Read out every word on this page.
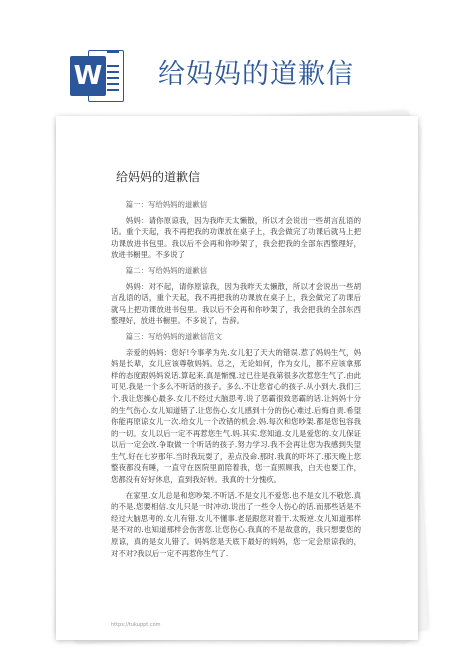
W 给妈妈的道歉信
给妈妈的道歉信

篇一：写给妈妈的道歉信

妈妈：请你原谅我，因为我昨天太懒散，所以才会说出一些胡言乱语的话。重个天起，我不再把我的功课放在桌子上，我会做完了功课后就马上把功课放进书包里。我以后不会再和你吵架了，我会把我的全部东西整理好，放进书橱里。不多说了

篇二：写给妈妈的道歉信

妈妈：对不起，请你原谅我，因为我昨天太懒散，所以才会说出一些胡言乱语的话，重个天起，我不再把我的功课放在桌子上，我会做完了功课后就马上把功课放进书包里。我以后不会再和你吵架了，我会把我的全部东西整理好，放进书橱里。不多说了，告辞。

篇三：写给妈妈的道歉信范文

亲爱的妈妈：您好!今事孝为先.女儿犯了天大的错误.惹了妈妈生气，妈妈是长辈，女儿应该尊敬妈妈。总之，无论如何，作为女儿，都不应该拿那样的态度跟妈妈说话.算起来.真是惭愧.过已往是我第很多次惹您生气了.由此可见.我是一个多么不听话的孩子。多么.不让您省心的孩子.从小到大.我们三个.我让您操心最多.女儿不经过大脑思考.说了恶霸很致恶霸的话.让妈妈十分的生气伤心.女儿知道错了.让您伤心.女儿感到十分的伤心难过.后悔自责.希望你能再原谅女儿一次.给女儿一个改错的机会.妈.每次和您吵架.都是您包容我的一切。女儿以后一定不再惹您生气.妈.其实.您知道.女儿是爱您的.女儿保证以后一定会改.争取做一个听话的孩子.努力学习.我不会再让您为我感到失望生气.好在七岁那年.当时我玩耍了，差点没命.那时.我真的吓坏了.那天晚上您整夜都没有睡，一直守在医院里面陪着我，您一直照顾我，白天也要工作，您都没有好好休息，直到我好转。我真的十分愧疚。

在家里.女儿总是和您吵架.不听话.不是女儿不爱您.也不是女儿不敬您.真的不是.您要相信.女儿只是一时冲动.说出了一些令人伤心的话.而那些话是不经过大脑思考的.女儿有错.女儿不懂事.老是跟您对着干.太叛逆.女儿知道那样是不对的.也知道那样会伤害您.让您伤心.我真的不是故意的，我只想要您的原谅，真的是女儿错了。妈妈您是天底下最好的妈妈，您一定会原谅我的，对不对?我以后一定不再惹你生气了.

https://tukuppt.com
